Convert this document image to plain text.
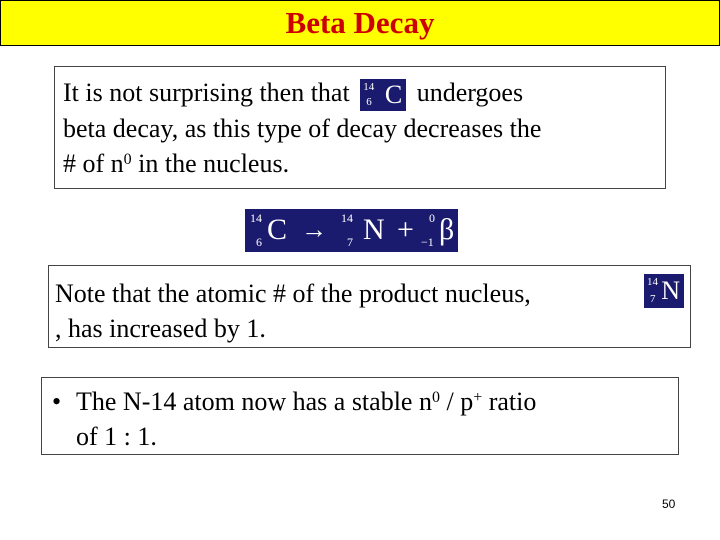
Beta Decay
It is not surprising then that 14
6 C undergoes
beta decay, as this type of decay decreases the
# of $n^0$ in the nucleus.
14
6 C → 14
7 N + 0
−1 β
Note that the atomic # of the product nucleus,
, has increased by 1.
14
7 N
• The N-14 atom now has a stable $n^0 / p^+$ ratio
of 1 : 1.
50
